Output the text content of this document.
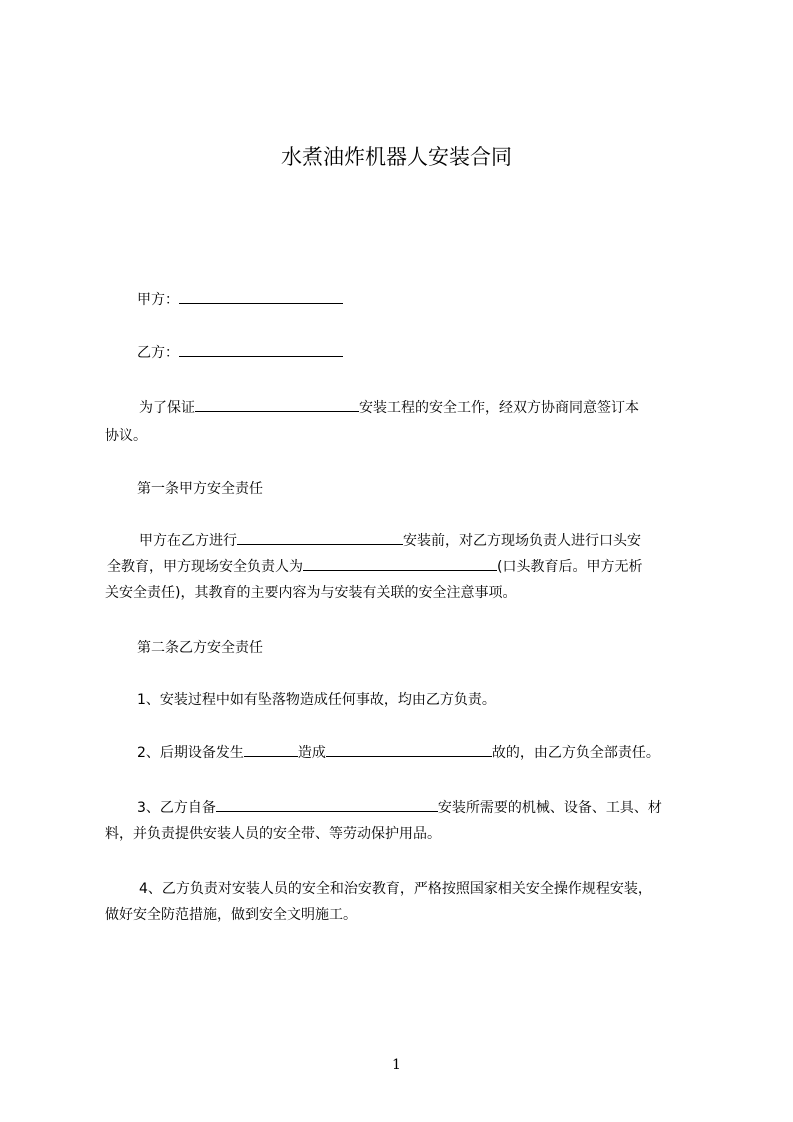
水煮油炸机器人安装合同
甲方：
乙方：
为了保证	安装工程的安全工作，经双方协商同意签订本
协议。
第一条甲方安全责任
甲方在乙方进行	安装前，对乙方现场负责人进行口头安
全教育，甲方现场安全负责人为	(口头教育后。甲方无析
关安全责任)，其教育的主要内容为与安装有关联的安全注意事项。
第二条乙方安全责任
1、安装过程中如有坠落物造成任何事故，均由乙方负责。
2、后期设备发生	造成	故的，由乙方负全部责任。
3、乙方自备	安装所需要的机械、设备、工具、材
料，并负责提供安装人员的安全带、等劳动保护用品。
4、乙方负责对安装人员的安全和治安教育，严格按照国家相关安全操作规程安装，
做好安全防范措施，做到安全文明施工。
1
